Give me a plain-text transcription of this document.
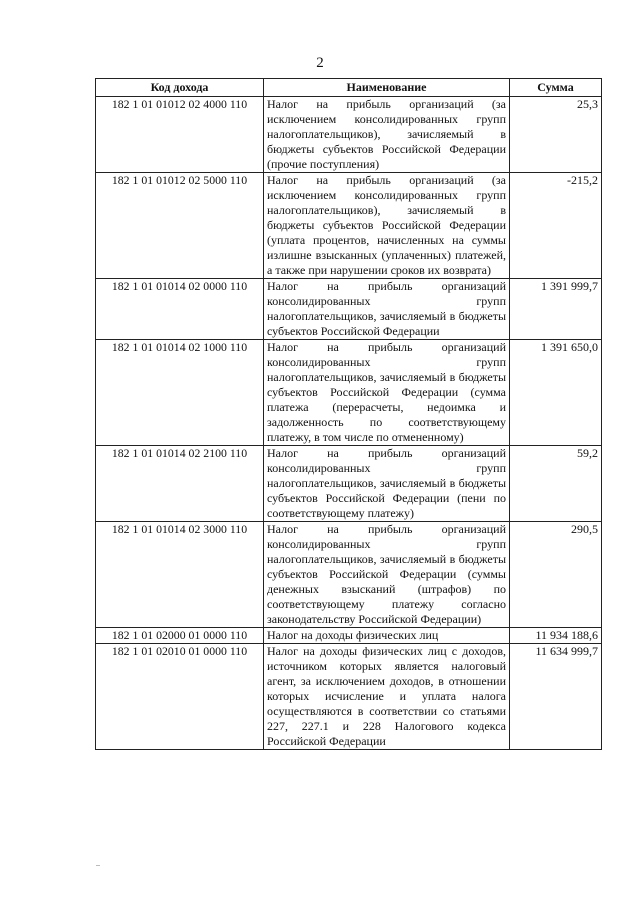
2
Код дохода	Наименование	Сумма
182 1 01 01012 02 4000 110	Налог на прибыль организаций (за исключением консолидированных групп налогоплательщиков), зачисляемый в бюджеты субъектов Российской Федерации (прочие поступления)	25,3
182 1 01 01012 02 5000 110	Налог на прибыль организаций (за исключением консолидированных групп налогоплательщиков), зачисляемый в бюджеты субъектов Российской Федерации (уплата процентов, начисленных на суммы излишне взысканных (уплаченных) платежей, а также при нарушении сроков их возврата)	-215,2
182 1 01 01014 02 0000 110	Налог на прибыль организаций консолидированных групп налогоплательщиков, зачисляемый в бюджеты субъектов Российской Федерации	1 391 999,7
182 1 01 01014 02 1000 110	Налог на прибыль организаций консолидированных групп налогоплательщиков, зачисляемый в бюджеты субъектов Российской Федерации (сумма платежа (перерасчеты, недоимка и задолженность по соответствующему платежу, в том числе по отмененному)	1 391 650,0
182 1 01 01014 02 2100 110	Налог на прибыль организаций консолидированных групп налогоплательщиков, зачисляемый в бюджеты субъектов Российской Федерации (пени по соответствующему платежу)	59,2
182 1 01 01014 02 3000 110	Налог на прибыль организаций консолидированных групп налогоплательщиков, зачисляемый в бюджеты субъектов Российской Федерации (суммы денежных взысканий (штрафов) по соответствующему платежу согласно законодательству Российской Федерации)	290,5
182 1 01 02000 01 0000 110	Налог на доходы физических лиц	11 934 188,6
182 1 01 02010 01 0000 110	Налог на доходы физических лиц с доходов, источником которых является налоговый агент, за исключением доходов, в отношении которых исчисление и уплата налога осуществляются в соответствии со статьями 227, 227.1 и 228 Налогового кодекса Российской Федерации	11 634 999,7
